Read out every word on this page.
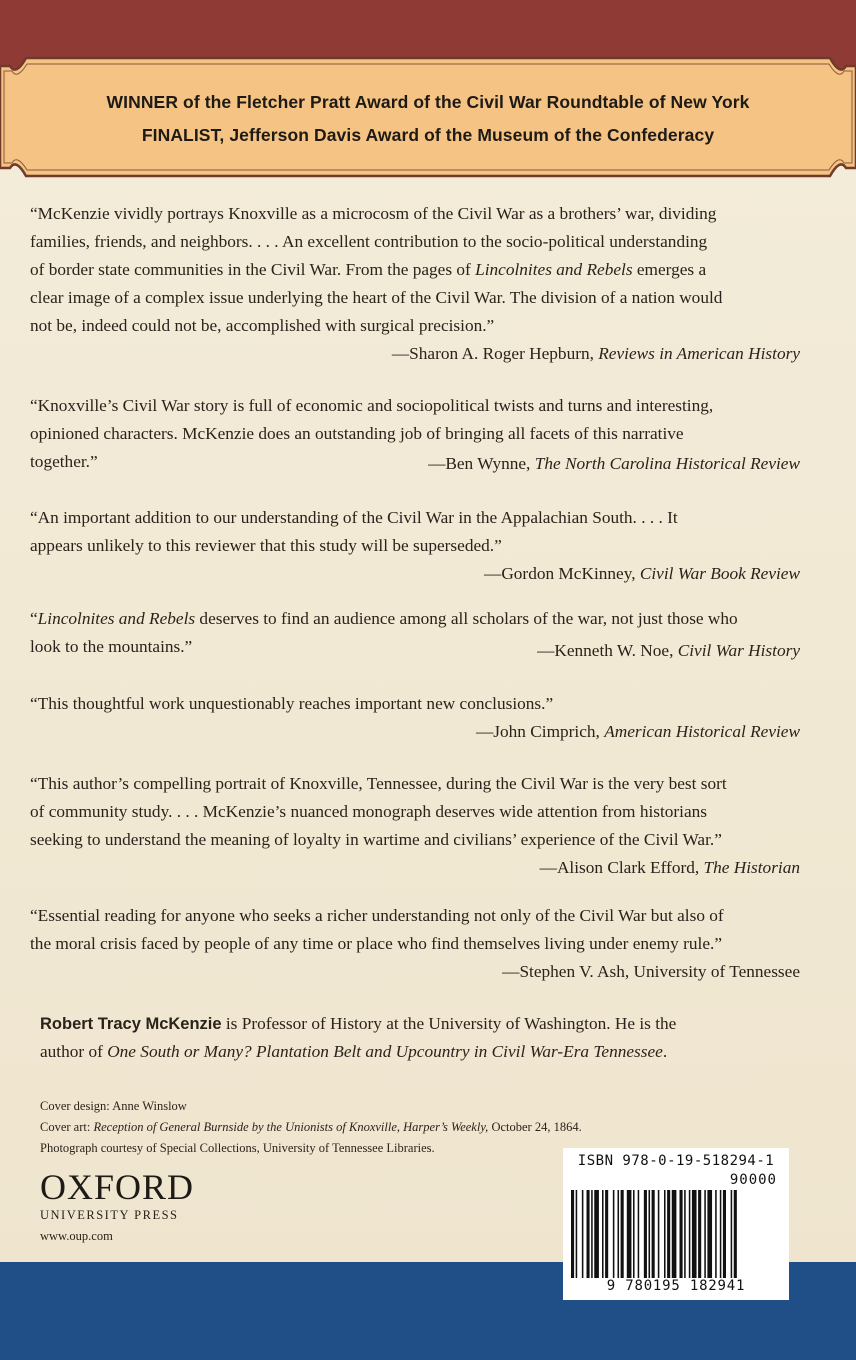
WINNER of the Fletcher Pratt Award of the Civil War Roundtable of New York
FINALIST, Jefferson Davis Award of the Museum of the Confederacy

“McKenzie vividly portrays Knoxville as a microcosm of the Civil War as a brothers’ war, dividing

families, friends, and neighbors. . . . An excellent contribution to the socio-political understanding

of border state communities in the Civil War. From the pages of Lincolnites and Rebels emerges a

clear image of a complex issue underlying the heart of the Civil War. The division of a nation would

not be, indeed could not be, accomplished with surgical precision.”

—Sharon A. Roger Hepburn, Reviews in American History

“Knoxville’s Civil War story is full of economic and sociopolitical twists and turns and interesting,

opinioned characters. McKenzie does an outstanding job of bringing all facets of this narrative

together.”	—Ben Wynne, The North Carolina Historical Review

“An important addition to our understanding of the Civil War in the Appalachian South. . . . It

appears unlikely to this reviewer that this study will be superseded.”

—Gordon McKinney, Civil War Book Review

“Lincolnites and Rebels deserves to find an audience among all scholars of the war, not just those who

look to the mountains.”	—Kenneth W. Noe, Civil War History

“This thoughtful work unquestionably reaches important new conclusions.”

—John Cimprich, American Historical Review

“This author’s compelling portrait of Knoxville, Tennessee, during the Civil War is the very best sort

of community study. . . . McKenzie’s nuanced monograph deserves wide attention from historians

seeking to understand the meaning of loyalty in wartime and civilians’ experience of the Civil War.”

—Alison Clark Efford, The Historian

“Essential reading for anyone who seeks a richer understanding not only of the Civil War but also of

the moral crisis faced by people of any time or place who find themselves living under enemy rule.”

—Stephen V. Ash, University of Tennessee

Robert Tracy McKenzie is Professor of History at the University of Washington. He is the
author of One South or Many? Plantation Belt and Upcountry in Civil War-Era Tennessee.
Cover design: Anne Winslow
Cover art: Reception of General Burnside by the Unionists of Knoxville, Harper’s Weekly, October 24, 1864.
Photograph courtesy of Special Collections, University of Tennessee Libraries.
OXFORD
UNIVERSITY PRESS
www.oup.com
ISBN 978-0-19-518294-1
90000
9 780195 182941
